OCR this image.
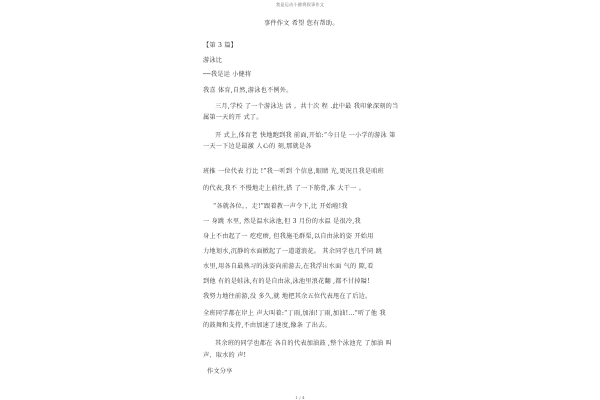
我是运动小健将叙事作文
事件作文 希望 您有帮助。
【第 3 篇】
游泳比
──我是运 小健将
我喜 体育,自然,游泳也不例外。
三月,学校 了一个游泳达 活 。共十次 程 .此中最 我印象深刻的当
属第一天的开 式了。
开 式上,体育老 快地跑到我 前面,开始:“今日是 一小学的游泳 第
一天一下边是最激 人心的 刻,那就是各
班推 一位代表 行比 !”我一听到 个信息,眼睛 光,更况且我是咱班
的代表,我不 不慢地走上前往,搭 了一下筋骨,准 大干一 。
“各就各位。、走!”跟着教一声令下,比 开始啦!我
一 身跳 水里, 然是温水泳池,但 3 月份的水温 是很冷,我
身上不由起了一 疙疙瘩, 但我施毛群栗,以自由泳的姿 开始用
力地划水,沉静的水面掀起了一道道浪花。 其余同学也几乎同 跳
水里,用各自最熟习的泳姿向前游去,在我浮出水面 气的 隙,看
到他 有的是蛙泳,有的是自由泳,泳池里浪花翻 ,都不甘掉隘!
我努力地往前游,没 多久,就 地把其余五位代表甩在了后边。
全班同学都在岸上 声大叫着:“丁雨,加油!丁雨,加油!…”听了他 我
的鼓舞和支持,不由加速了速度,像条 了出去。
其余班的同学也都在 各自的代表加油鼓 ,整个泳池充 了加油 叫
声、取水的 声!
作文分享
1 / 4
